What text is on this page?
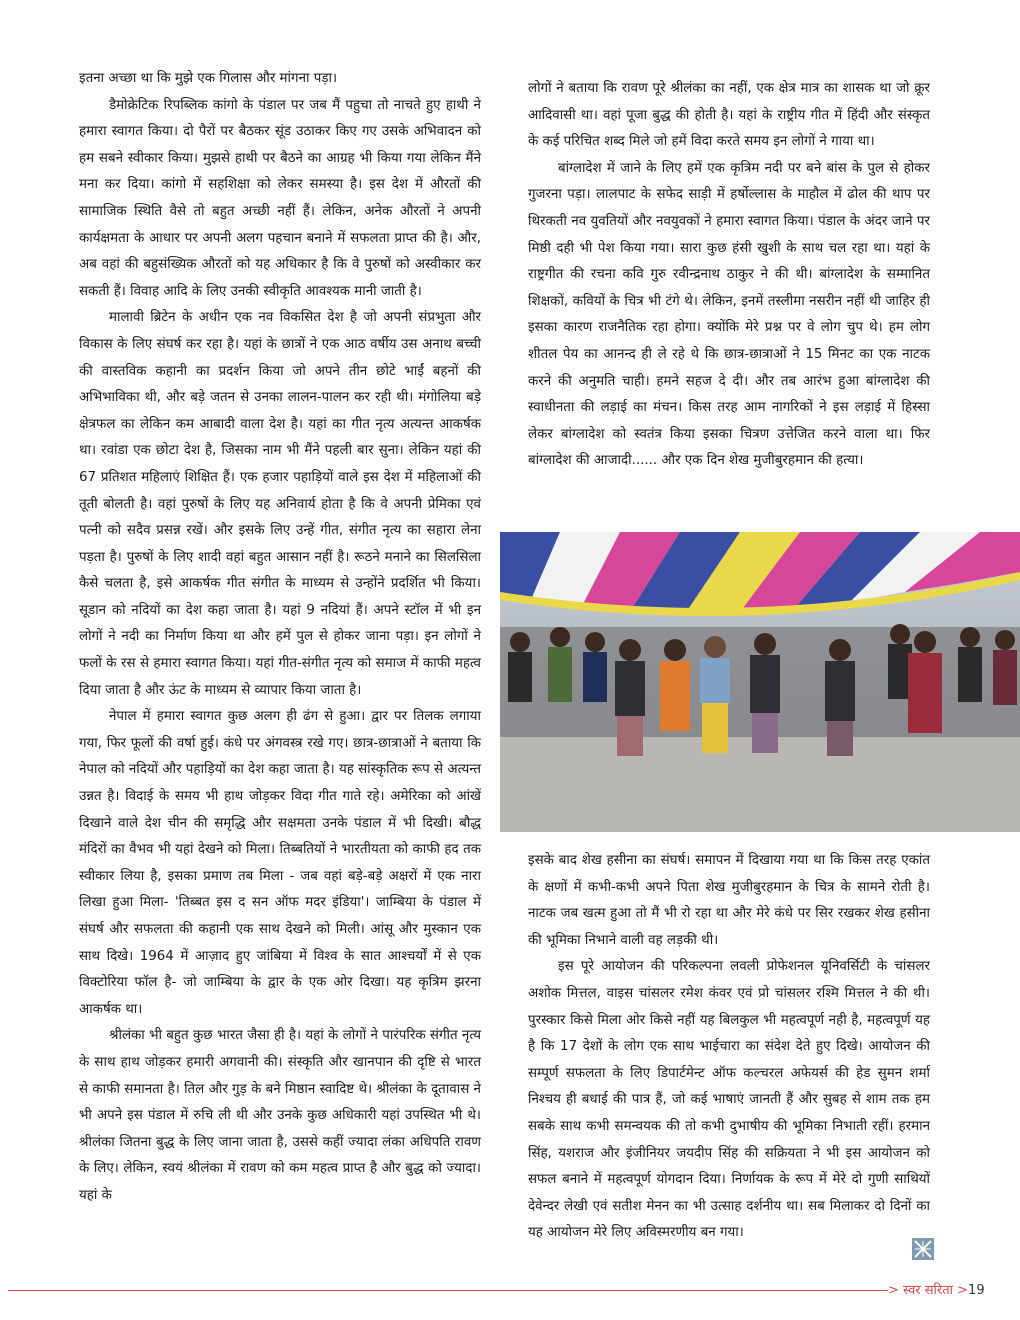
इतना अच्छा था कि मुझे एक गिलास और मांगना पड़ा।

डैमोक्रेटिक रिपब्लिक कांगो के पंडाल पर जब मैं पहुचा तो नाचते हुए हाथी ने हमारा स्वागत किया। दो पैरों पर बैठकर सूंड उठाकर किए गए उसके अभिवादन को हम सबने स्वीकार किया। मुझसे हाथी पर बैठने का आग्रह भी किया गया लेकिन मैंने मना कर दिया। कांगो में सहशिक्षा को लेकर समस्या है। इस देश में औरतों की सामाजिक स्थिति वैसे तो बहुत अच्छी नहीं हैं। लेकिन, अनेक औरतों ने अपनी कार्यक्षमता के आधार पर अपनी अलग पहचान बनाने में सफलता प्राप्त की है। और, अब वहां की बहुसंख्यिक औरतों को यह अधिकार है कि वे पुरुषों को अस्वीकार कर सकती हैं। विवाह आदि के लिए उनकी स्वीकृति आवश्यक मानी जाती है।

मालावी ब्रिटेन के अधीन एक नव विकसित देश है जो अपनी संप्रभुता और विकास के लिए संघर्ष कर रहा है। यहां के छात्रों ने एक आठ वर्षीय उस अनाथ बच्ची की वास्तविक कहानी का प्रदर्शन किया जो अपने तीन छोटे भाईं बहनों की अभिभाविका थी, और बड़े जतन से उनका लालन-पालन कर रही थी। मंगोलिया बड़े क्षेत्रफल का लेकिन कम आबादी वाला देश है। यहां का गीत नृत्य अत्यन्त आकर्षक था। रवांडा एक छोटा देश है, जिसका नाम भी मैंने पहली बार सुना। लेकिन यहां की 67 प्रतिशत महिलाएं शिक्षित हैं। एक हजार पहाड़ियों वाले इस देश में महिलाओं की तूती बोलती है। वहां पुरुषों के लिए यह अनिवार्य होता है कि वे अपनी प्रेमिका एवं पत्नी को सदैव प्रसन्न रखें। और इसके लिए उन्हें गीत, संगीत नृत्य का सहारा लेना पड़ता है। पुरुषों के लिए शादी वहां बहुत आसान नहीं है। रूठने मनाने का सिलसिला कैसे चलता है, इसे आकर्षक गीत संगीत के माध्यम से उन्होंने प्रदर्शित भी किया। सूडान को नदियों का देश कहा जाता है। यहां 9 नदियां हैं। अपने स्टॉल में भी इन लोगों ने नदी का निर्माण किया था और हमें पुल से होकर जाना पड़ा। इन लोगों ने फलों के रस से हमारा स्वागत किया। यहां गीत-संगीत नृत्य को समाज में काफी महत्व दिया जाता है और ऊंट के माध्यम से व्यापार किया जाता है।

नेपाल में हमारा स्वागत कुछ अलग ही ढंग से हुआ। द्वार पर तिलक लगाया गया, फिर फूलों की वर्षा हुई। कंधे पर अंगवस्त्र रखे गए। छात्र-छात्राओं ने बताया कि नेपाल को नदियों और पहाड़ियों का देश कहा जाता है। यह सांस्कृतिक रूप से अत्यन्त उन्नत है। विदाई के समय भी हाथ जोड़कर विदा गीत गाते रहे। अमेरिका को आंखें दिखाने वाले देश चीन की समृद्धि और सक्षमता उनके पंडाल में भी दिखी। बौद्ध मंदिरों का वैभव भी यहां देखने को मिला। तिब्बतियों ने भारतीयता को काफी हद तक स्वीकार लिया है, इसका प्रमाण तब मिला - जब वहां बड़े-बड़े अक्षरों में एक नारा लिखा हुआ मिला- 'तिब्बत इस द सन ऑफ मदर इंडिया'। जाम्बिया के पंडाल में संघर्ष और सफलता की कहानी एक साथ देखने को मिली। आंसू और मुस्कान एक साथ दिखे। 1964 में आज़ाद हुए जांबिया में विश्व के सात आश्चर्यों में से एक विक्टोरिया फॉल है- जो जाम्बिया के द्वार के एक ओर दिखा। यह कृत्रिम झरना आकर्षक था।

श्रीलंका भी बहुत कुछ भारत जैसा ही है। यहां के लोगों ने पारंपरिक संगीत नृत्य के साथ हाथ जोड़कर हमारी अगवानी की। संस्कृति और खानपान की दृष्टि से भारत से काफी समानता है। तिल और गुड़ के बने मिष्ठान स्वादिष्ट थे। श्रीलंका के दूतावास ने भी अपने इस पंडाल में रुचि ली थी और उनके कुछ अधिकारी यहां उपस्थित भी थे। श्रीलंका जितना बुद्ध के लिए जाना जाता है, उससे कहीं ज्यादा लंका अधिपति रावण के लिए। लेकिन, स्वयं श्रीलंका में रावण को कम महत्व प्राप्त है और बुद्ध को ज्यादा। यहां के

लोगों ने बताया कि रावण पूरे श्रीलंका का नहीं, एक क्षेत्र मात्र का शासक था जो क्रूर आदिवासी था। वहां पूजा बुद्ध की होती है। यहां के राष्ट्रीय गीत में हिंदी और संस्कृत के कई परिचित शब्द मिले जो हमें विदा करते समय इन लोगों ने गाया था।

बांग्लादेश में जाने के लिए हमें एक कृत्रिम नदी पर बने बांस के पुल से होकर गुजरना पड़ा। लालपाट के सफेद साड़ी में हर्षोल्लास के माहौल में ढोल की थाप पर थिरकती नव युवतियों और नवयुवकों ने हमारा स्वागत किया। पंडाल के अंदर जाने पर मिष्ठी दही भी पेश किया गया। सारा कुछ हंसी खुशी के साथ चल रहा था। यहां के राष्ट्रगीत की रचना कवि गुरु रवीन्द्रनाथ ठाकुर ने की थी। बांग्लादेश के सम्मानित शिक्षकों, कवियों के चित्र भी टंगे थे। लेकिन, इनमें तस्लीमा नसरीन नहीं थी जाहिर ही इसका कारण राजनैतिक रहा होगा। क्योंकि मेरे प्रश्न पर वे लोग चुप थे। हम लोग शीतल पेय का आनन्द ही ले रहे थे कि छात्र-छात्राओं ने 15 मिनट का एक नाटक करने की अनुमति चाही। हमने सहज दे दी। और तब आरंभ हुआ बांग्लादेश की स्वाधीनता की लड़ाई का मंचन। किस तरह आम नागरिकों ने इस लड़ाई में हिस्सा लेकर बांग्लादेश को स्वतंत्र किया इसका चित्रण उत्तेजित करने वाला था। फिर बांग्लादेश की आजादी...... और एक दिन शेख मुजीबुरहमान की हत्या।

इसके बाद शेख हसीना का संघर्ष। समापन में दिखाया गया था कि किस तरह एकांत के क्षणों में कभी-कभी अपने पिता शेख मुजीबुरहमान के चित्र के सामने रोती है। नाटक जब खत्म हुआ तो मैं भी रो रहा था और मेरे कंधे पर सिर रखकर शेख हसीना की भूमिका निभाने वाली वह लड़की थी।

इस पूरे आयोजन की परिकल्पना लवली प्रोफेशनल यूनिवर्सिटी के चांसलर अशोक मित्तल, वाइस चांसलर रमेश कंवर एवं प्रो चांसलर रश्मि मित्तल ने की थी। पुरस्कार किसे मिला ओर किसे नहीं यह बिलकुल भी महत्वपूर्ण नही है, महत्वपूर्ण यह है कि 17 देशों के लोग एक साथ भाईचारा का संदेश देते हुए दिखे। आयोजन की सम्पूर्ण सफलता के लिए डिपार्टमेन्ट ऑफ कल्चरल अफेयर्स की हेड सुमन शर्मा निश्चय ही बधाई की पात्र हैं, जो कई भाषाएं जानती हैं और सुबह से शाम तक हम सबके साथ कभी समन्वयक की तो कभी दुभाषीय की भूमिका निभाती रहीं। हरमान सिंह, यशराज और इंजीनियर जयदीप सिंह की सक्रियता ने भी इस आयोजन को सफल बनाने में महत्वपूर्ण योगदान दिया। निर्णायक के रूप में मेरे दो गुणी साथियों देवेन्दर लेखी एवं सतीश मेनन का भी उत्साह दर्शनीय था। सब मिलाकर दो दिनों का यह आयोजन मेरे लिए अविस्मरणीय बन गया।

> स्वर सरिता >19
